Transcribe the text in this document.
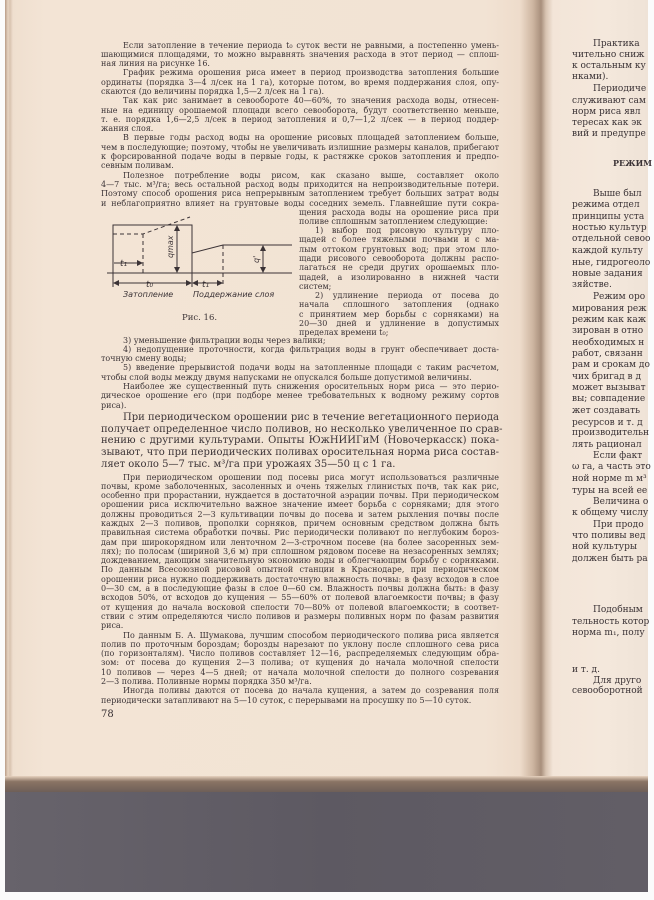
Если затопление в течение периода t₀ суток вести не равными, а постепенно умень-
шающимися площадями, то можно выравнять значения расхода в этот период — сплош-
ная линия на рисунке 16.
График режима орошения риса имеет в период производства затопления большие
ординаты (порядка 3—4 л/сек на 1 га), которые потом, во время поддержания слоя, опу-
скаются (до величины порядка 1,5—2 л/сек на 1 га).
Так как рис занимает в севообороте 40—60%, то значения расхода воды, отнесен-
ные на единицу орошаемой площади всего севооборота, будут соответственно меньше,
т. е. порядка 1,6—2,5 л/сек в период затопления и 0,7—1,2 л/сек — в период поддер-
жания слоя.
В первые годы расход воды на орошение рисовых площадей затоплением больше,
чем в последующие; поэтому, чтобы не увеличивать излишние размеры каналов, прибегают
к форсированной подаче воды в первые годы, к растяжке сроков затопления и предпо-
севным поливам.
Полезное потребление воды рисом, как сказано выше, составляет около
4—7 тыс. м³/га; весь остальной расход воды приходится на непроизводительные потери.
Поэтому способ орошения риса непрерывным затоплением требует больших затрат воды
и неблагоприятно влияет на грунтовые воды соседних земель. Главнейшие пути сокра-
щения расхода воды на орошение риса при
поливе сплошным затоплением следующие:
1) выбор под рисовую культуру пло-
щадей с более тяжелыми почвами и с ма-
лым оттоком грунтовых вод; при этом пло-
щади рисового севооборота должны распо-
лагаться не среди других орошаемых пло-
щадей, а изолированно в нижней части
систем;
2) удлинение периода от посева до
начала сплошного затопления (однако
с принятием мер борьбы с сорняками) на
20—30 дней и удлинение в допустимых
пределах времени t₀;
3) уменьшение фильтрации воды через валики;
4) недопущение проточности, когда фильтрация воды в грунт обеспечивает доста-
точную смену воды;
5) введение прерывистой подачи воды на затопленные площади с таким расчетом,
чтобы слой воды между двумя напусками не опускался больше допустимой величины.
Наиболее же существенный путь снижения оросительных норм риса — это перио-
дическое орошение его (при подборе менее требовательных к водному режиму сортов
риса).
При периодическом орошении рис в течение вегетационного периода
получает определенное число поливов, но несколько увеличенное по срав-
нению с другими культурами. Опыты ЮжНИИГиМ (Новочеркасск) пока-
зывают, что при периодических поливах оросительная норма риса состав-
ляет около 5—7 тыс. м³/га при урожаях 35—50 ц с 1 га.
При периодическом орошении под посевы риса могут использоваться различные
почвы, кроме заболоченных, засоленных и очень тяжелых глинистых почв, так как рис,
особенно при прорастании, нуждается в достаточной аэрации почвы. При периодическом
орошении риса исключительно важное значение имеет борьба с сорняками; для этого
должны проводиться 2—3 культивации почвы до посева и затем рыхления почвы после
каждых 2—3 поливов, прополки сорняков, причем основным средством должна быть
правильная система обработки почвы. Рис периодически поливают по неглубоким бороз-
дам при широкорядном или ленточном 2—3-строчном посеве (на более засоренных зем-
лях); по полосам (шириной 3,6 м) при сплошном рядовом посеве на незасоренных землях;
дождеванием, дающим значительную экономию воды и облегчающим борьбу с сорняками.
По данным Всесоюзной рисовой опытной станции в Краснодаре, при периодическом
орошении риса нужно поддерживать достаточную влажность почвы: в фазу всходов в слое
0—30 см, а в последующие фазы в слое 0—60 см. Влажность почвы должна быть: в фазу
всходов 50%, от всходов до кущения — 55—60% от полевой влагоемкости почвы; в фазу
от кущения до начала восковой спелости 70—80% от полевой влагоемкости; в соответ-
ствии с этим определяются число поливов и размеры поливных норм по фазам развития
риса.
По данным Б. А. Шумакова, лучшим способом периодического полива риса является
полив по проточным бороздам; борозды нарезают по уклону после сплошного сева риса
(по горизонталям). Число поливов составляет 12—16, распределяемых следующим обра-
зом: от посева до кущения 2—3 полива; от кущения до начала молочной спелости
10 поливов — через 4—5 дней; от начала молочной спелости до полного созревания
2—3 полива. Поливные нормы порядка 350 м³/га.
Иногда поливы даются от посева до начала кущения, а затем до созревания поля
периодически затапливают на 5—10 суток, с перерывами на просушку по 5—10 суток.
t₁
t₀	t₁
qmax
q'
Затопление Поддержание слоя
Рис. 16.
78
Практика
чительно сниж
к остальным ку
нками).
Периодиче
служивают сам
норм риса явл
тересах как эк
вий и предупре
РЕЖИМ
Выше был
режима отдел
принципы уста
ностью культур
отдельной севоо
каждой культу
ные, гидрогеоло
новые задания
зяйстве.
Режим оро
мирования реж
режим как каж
зирован в отно
необходимых н
работ, связанн
рам и срокам до
чих бригад в д
может вызыват
вы; совпадение
жет создавать
ресурсов и т. д
производительн
лять рационал
Если факт
ω га, а часть это
ной норме m м³
туры на всей ее
Величина о
к общему числу
При продо
что поливы вед
ной культуры
должен быть ра
Подобным
тельность котор
норма m₁, полу
и т. д.
Для друго
севооборотной
